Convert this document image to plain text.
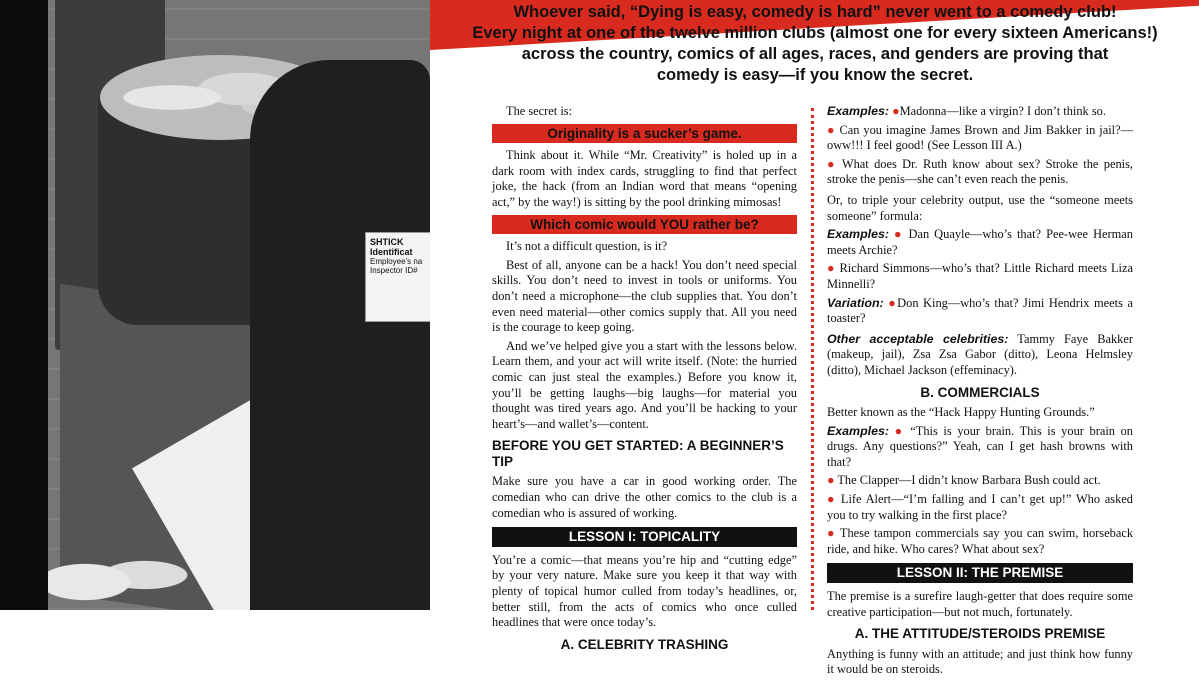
SHTICK
Identificat
Employee's na
Inspector ID#
Whoever said, “Dying is easy, comedy is hard” never went to a comedy club!
Every night at one of the twelve million clubs (almost one for every sixteen Americans!)
across the country, comics of all ages, races, and genders are proving that
comedy is easy—if you know the secret.

The secret is:

Originality is a sucker’s game.

Think about it. While “Mr. Creativity” is holed up in a dark room with index cards, struggling to find that perfect joke, the hack (from an Indian word that means “opening act,” by the way!) is sitting by the pool drinking mimosas!

Which comic would YOU rather be?

It’s not a difficult question, is it?

Best of all, anyone can be a hack! You don’t need special skills. You don’t need to invest in tools or uniforms. You don’t need a microphone—the club supplies that. You don’t even need material—other comics supply that. All you need is the courage to keep going.

And we’ve helped give you a start with the lessons below. Learn them, and your act will write itself. (Note: the hurried comic can just steal the examples.) Before you know it, you’ll be getting laughs—big laughs—for material you thought was tired years ago. And you’ll be hacking to your heart’s—and wallet’s—content.

BEFORE YOU GET STARTED: A BEGINNER’S TIP

Make sure you have a car in good working order. The comedian who can drive the other comics to the club is a comedian who is assured of working.

LESSON I: TOPICALITY

You’re a comic—that means you’re hip and “cutting edge” by your very nature. Make sure you keep it that way with plenty of topical humor culled from today’s headlines, or, better still, from the acts of comics who once culled headlines that were once today’s.

A. CELEBRITY TRASHING

Examples: ●Madonna—like a virgin? I don’t think so.

● Can you imagine James Brown and Jim Bakker in jail?—oww!!! I feel good! (See Lesson III A.)

● What does Dr. Ruth know about sex? Stroke the penis, stroke the penis—she can’t even reach the penis.

Or, to triple your celebrity output, use the “someone meets someone” formula:

Examples: ● Dan Quayle—who’s that? Pee-wee Herman meets Archie?

● Richard Simmons—who’s that? Little Richard meets Liza Minnelli?

Variation: ●Don King—who’s that? Jimi Hendrix meets a toaster?

Other acceptable celebrities: Tammy Faye Bakker (makeup, jail), Zsa Zsa Gabor (ditto), Leona Helmsley (ditto), Michael Jackson (effeminacy).

B. COMMERCIALS

Better known as the “Hack Happy Hunting Grounds.”

Examples: ● “This is your brain. This is your brain on drugs. Any questions?” Yeah, can I get hash browns with that?

● The Clapper—I didn’t know Barbara Bush could act.

● Life Alert—“I’m falling and I can’t get up!” Who asked you to try walking in the first place?

● These tampon commercials say you can swim, horseback ride, and hike. Who cares? What about sex?

LESSON II: THE PREMISE

The premise is a surefire laugh-getter that does require some creative participation—but not much, fortunately.

A. THE ATTITUDE/STEROIDS PREMISE

Anything is funny with an attitude; and just think how funny it would be on steroids.
